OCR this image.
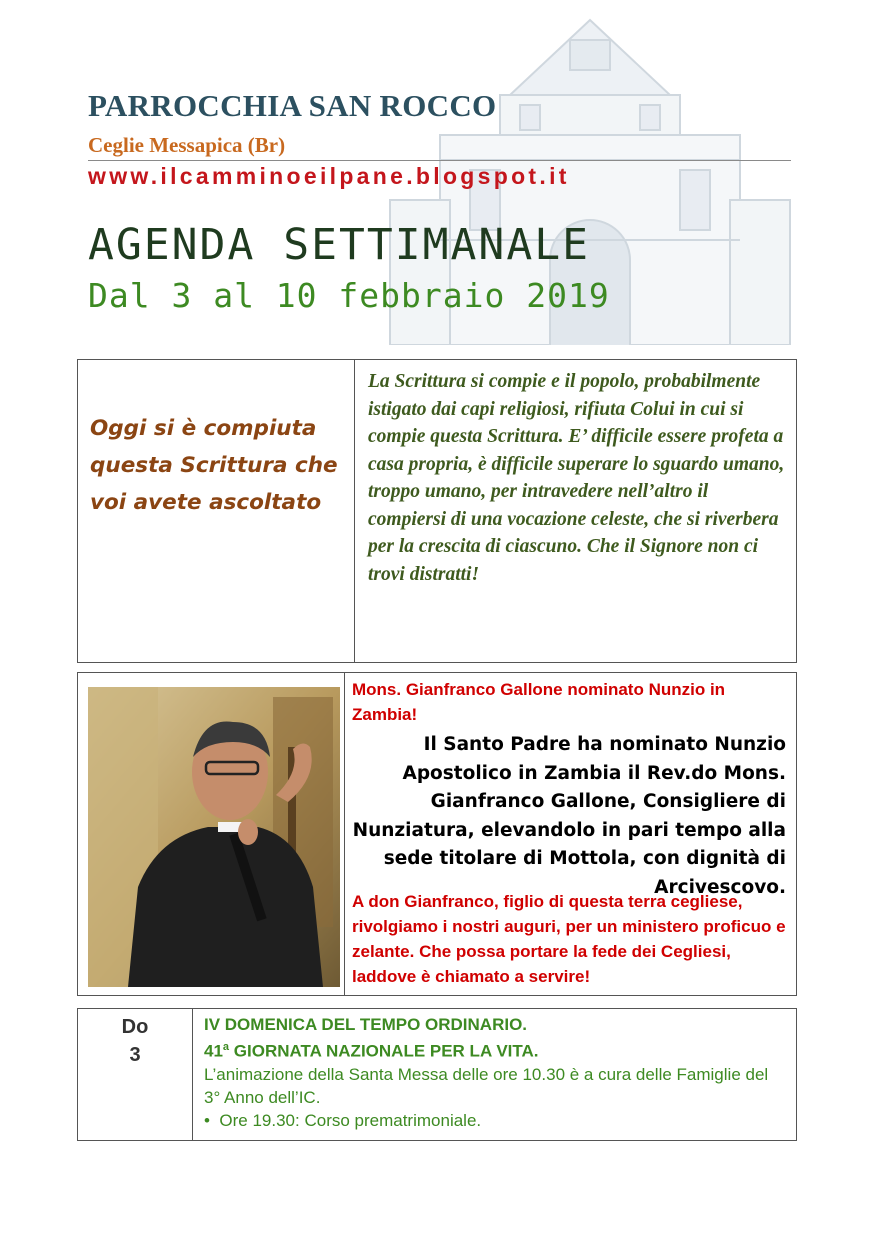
PARROCCHIA SAN ROCCO
Ceglie Messapica (Br)
www.ilcamminoeilpane.blogspot.it
AGENDA SETTIMANALE
Dal 3 al 10 febbraio 2019
Oggi si è compiuta questa Scrittura che voi avete ascoltato
La Scrittura si compie e il popolo, probabilmente istigato dai capi religiosi, rifiuta Colui in cui si compie questa Scrittura. E’ difficile essere profeta a casa propria, è difficile superare lo sguardo umano, troppo umano, per intravedere nell’altro il compiersi di una vocazione celeste, che si riverbera per la crescita di ciascuno. Che il Signore non ci trovi distratti!
Mons. Gianfranco Gallone nominato Nunzio in Zambia!
Il Santo Padre ha nominato Nunzio Apostolico in Zambia il Rev.do Mons. Gianfranco Gallone, Consigliere di Nunziatura, elevandolo in pari tempo alla sede titolare di Mottola, con dignità di Arcivescovo.
A don Gianfranco, figlio di questa terra cegliese, rivolgiamo i nostri auguri, per un ministero proficuo e zelante. Che possa portare la fede dei Cegliesi, laddove è chiamato a servire!
Do
3
IV DOMENICA DEL TEMPO ORDINARIO.
41$^a$ GIORNATA NAZIONALE PER LA VITA.
L’animazione della Santa Messa delle ore 10.30 è a cura delle Famiglie del 3° Anno dell’IC.
• Ore 19.30: Corso prematrimoniale.
